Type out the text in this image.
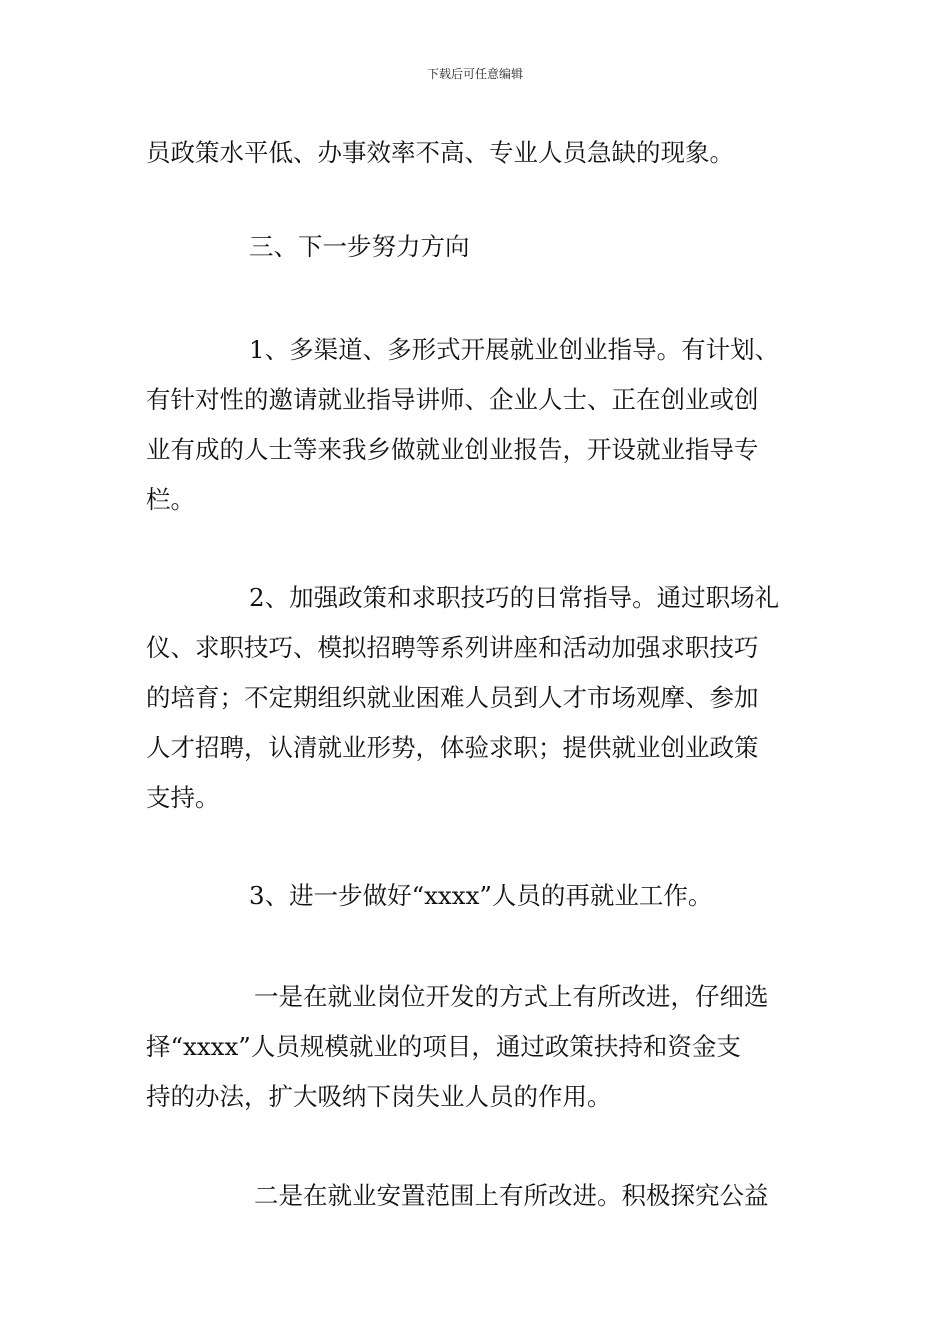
下载后可任意编辑
员政策水平低、办事效率不高、专业人员急缺的现象。
三、下一步努力方向
1、多渠道、多形式开展就业创业指导。有计划、
有针对性的邀请就业指导讲师、企业人士、正在创业或创
业有成的人士等来我乡做就业创业报告，开设就业指导专
栏。
2、加强政策和求职技巧的日常指导。通过职场礼
仪、求职技巧、模拟招聘等系列讲座和活动加强求职技巧
的培育；不定期组织就业困难人员到人才市场观摩、参加
人才招聘，认清就业形势，体验求职；提供就业创业政策
支持。
3、进一步做好“xxxx”人员的再就业工作。
一是在就业岗位开发的方式上有所改进，仔细选
择“xxxx”人员规模就业的项目，通过政策扶持和资金支
持的办法，扩大吸纳下岗失业人员的作用。
二是在就业安置范围上有所改进。积极探究公益
